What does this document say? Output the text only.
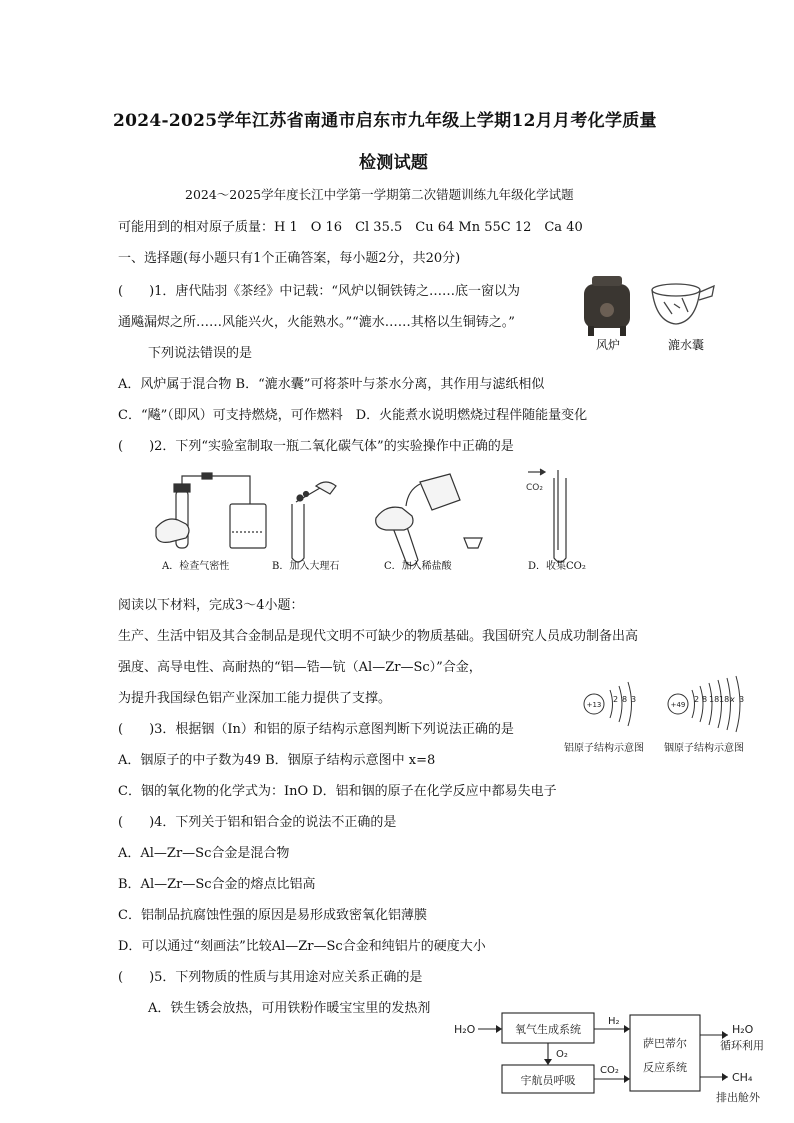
2024-2025学年江苏省南通市启东市九年级上学期12月月考化学质量
检测试题
2024～2025学年度长江中学第一学期第二次错题训练九年级化学试题
可能用到的相对原子质量：H 1　O 16　Cl 35.5　Cu 64 Mn 55C 12　Ca 40
一、选择题(每小题只有1个正确答案，每小题2分，共20分)
(　　)1．唐代陆羽《茶经》中记载：“风炉以铜铁铸之……底一窗以为
通飚漏烬之所……风能兴火，火能熟水。”“漉水……其格以生铜铸之。”
下列说法错误的是
A．风炉属于混合物 B．“漉水囊”可将茶叶与茶水分离，其作用与滤纸相似
C．“飚”（即风）可支持燃烧，可作燃料　D．火能煮水说明燃烧过程伴随能量变化
风炉	漉水囊
(　　)2．下列“实验室制取一瓶二氧化碳气体”的实验操作中正确的是
CO₂
A．检查气密性	B．加入大理石	C．加入稀盐酸	D．收集CO₂
阅读以下材料，完成3～4小题：
生产、生活中铝及其合金制品是现代文明不可缺少的物质基础。我国研究人员成功制备出高
强度、高导电性、高耐热的“铝—锆—钪（Al—Zr—Sc）”合金，
为提升我国绿色铝产业深加工能力提供了支撑。	+13
2 8 3
+49
2 8 18 18 x 3
铝原子结构示意图 铟原子结构示意图
(　　)3．根据铟（In）和铝的原子结构示意图判断下列说法正确的是
A．铟原子的中子数为49 B．铟原子结构示意图中 x=8
C．铟的氧化物的化学式为：InO D．铝和铟的原子在化学反应中都易失电子
(　　)4．下列关于铝和铝合金的说法不正确的是
A．Al—Zr—Sc合金是混合物
B．Al—Zr—Sc合金的熔点比铝高
C．铝制品抗腐蚀性强的原因是易形成致密氧化铝薄膜
D．可以通过“刻画法”比较Al—Zr—Sc合金和纯铝片的硬度大小
(　　)5．下列物质的性质与其用途对应关系正确的是
A．铁生锈会放热，可用铁粉作暖宝宝里的发热剂
H₂O	氧气生成系统
H₂
O₂
宇航员呼吸
CO₂
萨巴蒂尔
反应系统
H₂O
循环利用
CH₄
排出舱外
